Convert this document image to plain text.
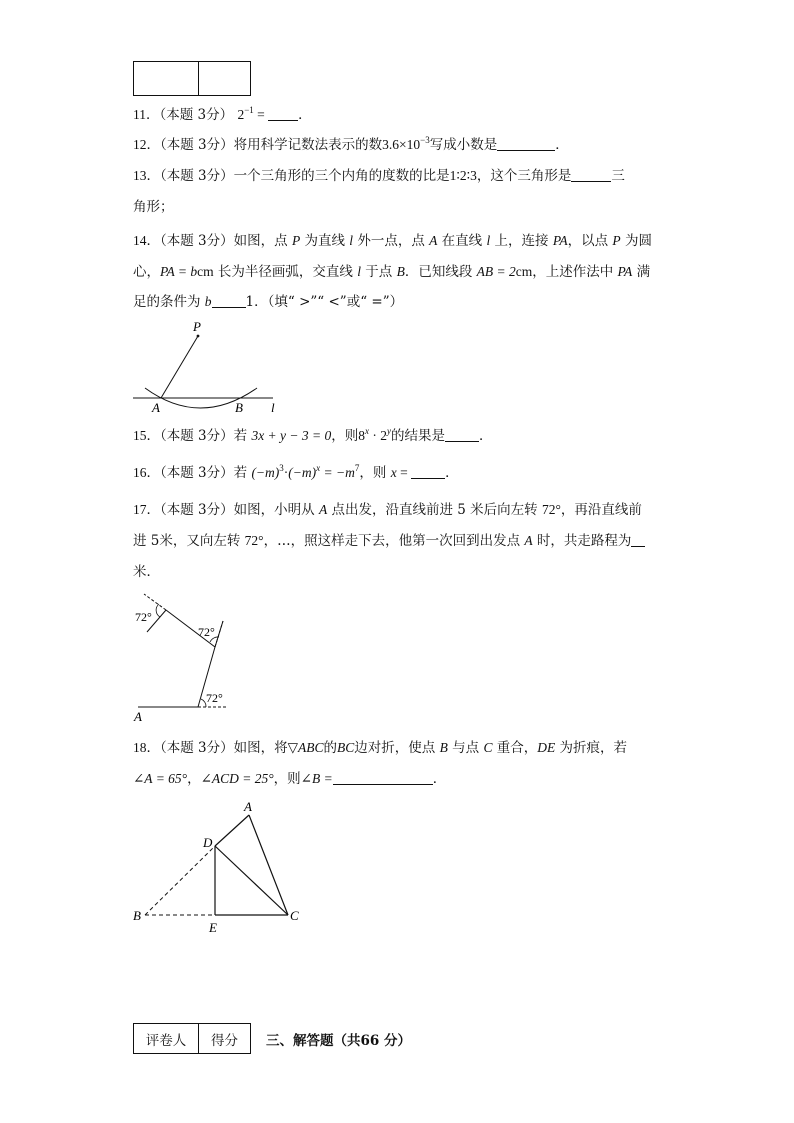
11．（本题 3分） $2^{-1}$ = ．
12．（本题 3分）将用科学记数法表示的数$3.6\times 10^{-3}$写成小数是	．
13．（本题 3分）一个三角形的三个内角的度数的比是1∶2∶3，这个三角形是	三
角形；
14．（本题 3分）如图，点 P 为直线 l 外一点，点 A 在直线 l 上，连接 PA，以点 P 为圆
心，PA = bcm 长为半径画弧，交直线 l 于点 B．已知线段 AB = 2cm，上述作法中 PA 满
足的条件为 b	1．（填“ >”“ <”或“ =”）
P
A	B l
15．（本题 3分）若 3x + y − 3 = 0，则$8^x \cdot 2^y$的结果是	．
16．（本题 3分）若 $(-m)^3\cdot(-m)^x = -m^7$，则 x =	．
17．（本题 3分）如图，小明从 A 点出发，沿直线前进 5 米后向左转 72°，再沿直线前
进 5米，又向左转 72°，…，照这样走下去，他第一次回到出发点 A 时，共走路程为
米．
72°
72°
72°
A
18．（本题 3分）如图，将▽ABC的BC边对折，使点 B 与点 C 重合，DE 为折痕，若
∠A = 65°，∠ACD = 25°，则∠B =	．
A
D
B
E
C
评卷人	得分 三、解答题（共66 分）
